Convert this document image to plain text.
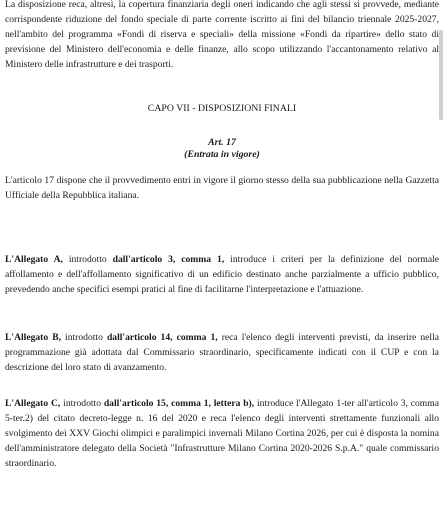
La disposizione reca, altresì, la copertura finanziaria degli oneri indicando che agli stessi si provvede, mediante corrispondente riduzione del fondo speciale di parte corrente iscritto ai fini del bilancio triennale 2025-2027, nell'ambito del programma «Fondi di riserva e speciali» della missione «Fondi da ripartire» dello stato di previsione del Ministero dell'economia e delle finanze, allo scopo utilizzando l'accantonamento relativo al Ministero delle infrastrutture e dei trasporti.

CAPO VII - DISPOSIZIONI FINALI
Art. 17
(Entrata in vigore)

L'articolo 17 dispone che il provvedimento entri in vigore il giorno stesso della sua pubblicazione nella Gazzetta Ufficiale della Repubblica italiana.

L'Allegato A, introdotto dall'articolo 3, comma 1, introduce i criteri per la definizione del normale affollamento e dell'affollamento significativo di un edificio destinato anche parzialmente a ufficio pubblico, prevedendo anche specifici esempi pratici al fine di facilitarne l'interpretazione e l'attuazione.

L'Allegato B, introdotto dall'articolo 14, comma 1, reca l'elenco degli interventi previsti, da inserire nella programmazione già adottata dal Commissario straordinario, specificamente indicati con il CUP e con la descrizione del loro stato di avanzamento.

L'Allegato C, introdotto dall'articolo 15, comma 1, lettera b), introduce l'Allegato 1-ter all'articolo 3, comma 5-ter.2) del citato decreto-legge n. 16 del 2020 e reca l'elenco degli interventi strettamente funzionali allo svolgimento dei XXV Giochi olimpici e paralimpici invernali Milano Cortina 2026, per cui è disposta la nomina dell'amministratore delegato della Società "Infrastrutture Milano Cortina 2020-2026 S.p.A." quale commissario straordinario.
